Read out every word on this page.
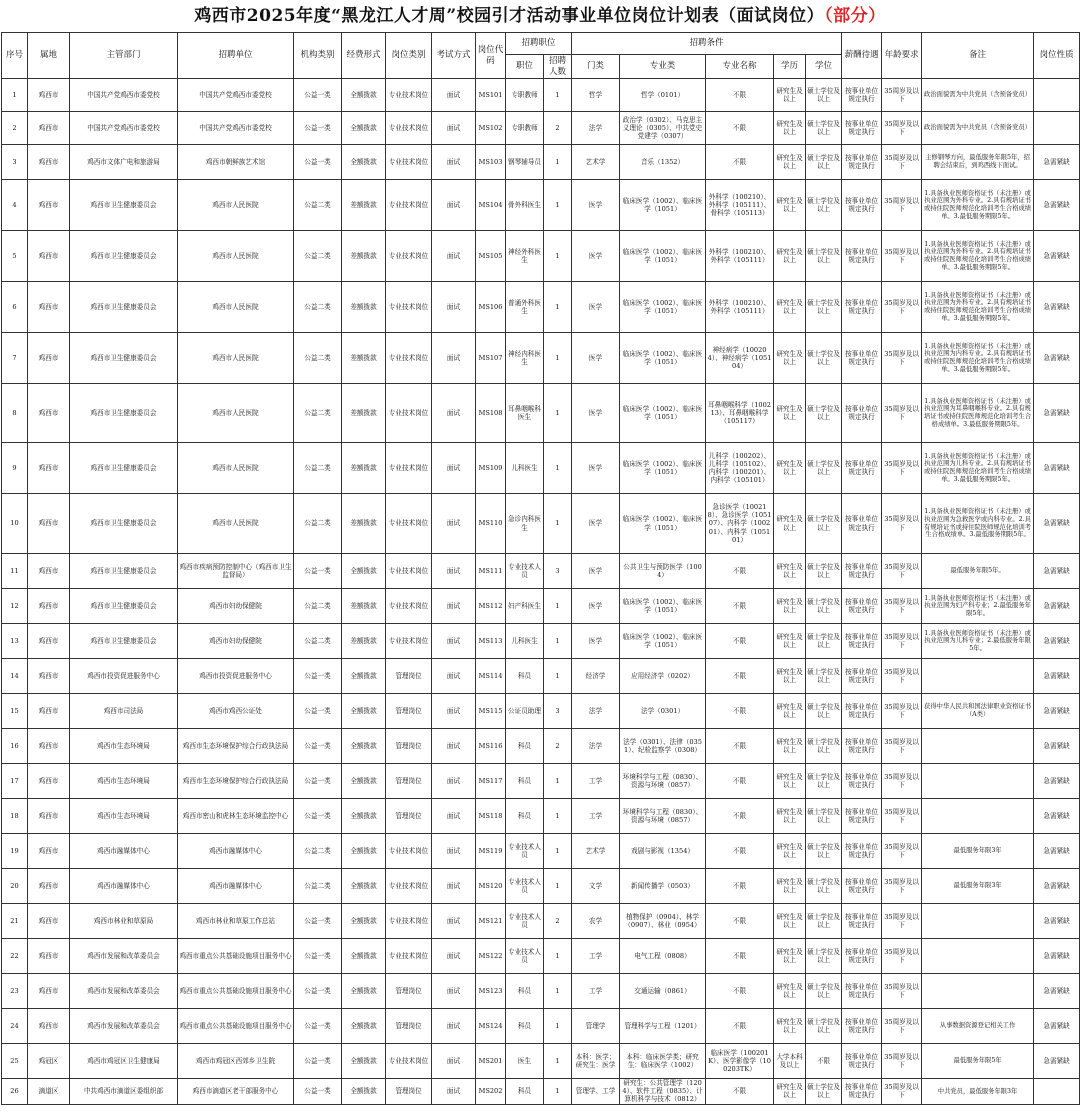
鸡西市2025年度“黑龙江人才周”校园引才活动事业单位岗位计划表（面试岗位）（部分）
序号	属地	主管部门	招聘单位	机构类别	经费形式	岗位类别	考试方式	岗位代码	招聘职位		招聘条件					薪酬待遇	年龄要求	备注	岗位性质
									职位	招聘人数	门类	专业类	专业名称	学历	学位				
1	鸡西市	中国共产党鸡西市委党校	中国共产党鸡西市委党校	公益一类	全额拨款	专业技术岗位	面试	MS101	专职教师	1	哲学	哲学（0101）	不限	研究生及以上	硕士学位及以上	按事业单位规定执行	35周岁及以下	政治面貌需为中共党员（含预备党员）	
2	鸡西市	中国共产党鸡西市委党校	中国共产党鸡西市委党校	公益一类	全额拨款	专业技术岗位	面试	MS102	专职教师	2	法学	政治学（0302）、马克思主义理论（0305）、中共党史党建学（0307）	不限	研究生及以上	硕士学位及以上	按事业单位规定执行	35周岁及以下	政治面貌需为中共党员（含预备党员）	
3	鸡西市	鸡西市文体广电和旅游局	鸡西市朝鲜族艺术馆	公益一类	全额拨款	专业技术岗位	面试	MS103	钢琴辅导员	1	艺术学	音乐（1352）	不限	研究生及以上	硕士学位及以上	按事业单位规定执行	35周岁及以下	主修钢琴方向，最低服务年限5年，招聘会结束后，到鸡西线下面试。	急需紧缺
4	鸡西市	鸡西市卫生健康委员会	鸡西市人民医院	公益二类	差额拨款	专业技术岗位	面试	MS104	骨外科医生	1	医学	临床医学（1002）、临床医学（1051）	外科学（100210）、外科学（105111）、骨科学（105113）	研究生及以上	硕士学位及以上	按事业单位规定执行	35周岁及以下	1.具备执业医师资格证书（未注册）或执业范围为外科专业。2.具有规培证书或持住院医师规范化培训考生合格成绩单。3.最低服务期限5年。	急需紧缺
5	鸡西市	鸡西市卫生健康委员会	鸡西市人民医院	公益二类	差额拨款	专业技术岗位	面试	MS105	神经外科医生	1	医学	临床医学（1002）、临床医学（1051）	外科学（100210）、外科学（105111）	研究生及以上	硕士学位及以上	按事业单位规定执行	35周岁及以下	1.具备执业医师资格证书（未注册）或执业范围为外科专业。2.具有规培证书或持住院医师规范化培训考生合格成绩单。3.最低服务期限5年。	急需紧缺
6	鸡西市	鸡西市卫生健康委员会	鸡西市人民医院	公益二类	差额拨款	专业技术岗位	面试	MS106	普通外科医生	1	医学	临床医学（1002）、临床医学（1051）	外科学（100210）、外科学（105111）	研究生及以上	硕士学位及以上	按事业单位规定执行	35周岁及以下	1.具备执业医师资格证书（未注册）或执业范围为外科专业。2.具有规培证书或持住院医师规范化培训考生合格成绩单。3.最低服务期限5年。	急需紧缺
7	鸡西市	鸡西市卫生健康委员会	鸡西市人民医院	公益二类	差额拨款	专业技术岗位	面试	MS107	神经内科医生	1	医学	临床医学（1002）、临床医学（1051）	神经病学（100204）、神经病学（105104）	研究生及以上	硕士学位及以上	按事业单位规定执行	35周岁及以下	1.具备执业医师资格证书（未注册）或执业范围为内科专业。2.具有规培证书或持住院医师规范化培训考生合格成绩单。3.最低服务期限5年。	急需紧缺
8	鸡西市	鸡西市卫生健康委员会	鸡西市人民医院	公益二类	差额拨款	专业技术岗位	面试	MS108	耳鼻咽喉科医生	1	医学	临床医学（1002）、临床医学（1051）	耳鼻咽喉科学（100213）、耳鼻咽喉科学（105117）	研究生及以上	硕士学位及以上	按事业单位规定执行	35周岁及以下	1.具备执业医师资格证书（未注册）或执业范围为耳鼻咽喉科专业。2.具有规培证书或持住院医师规范化培训考生合格成绩单。3.最低服务期限5年。	急需紧缺
9	鸡西市	鸡西市卫生健康委员会	鸡西市人民医院	公益二类	差额拨款	专业技术岗位	面试	MS109	儿科医生	1	医学	临床医学（1002）、临床医学（1051）	儿科学（100202）、儿科学（105102）、内科学（100201）、内科学（105101）	研究生及以上	硕士学位及以上	按事业单位规定执行	35周岁及以下	1.具备执业医师资格证书（未注册）或执业范围为儿科专业。2.具有规培证书或持住院医师规范化培训考生合格成绩单。3.最低服务期限5年。	急需紧缺
10	鸡西市	鸡西市卫生健康委员会	鸡西市人民医院	公益二类	差额拨款	专业技术岗位	面试	MS110	急诊内科医生	1	医学	临床医学（1002）、临床医学（1051）	急诊医学（100218）、急诊医学（105107）、内科学（100201）、内科学（105101）	研究生及以上	硕士学位及以上	按事业单位规定执行	35周岁及以下	1.具备执业医师资格证书（未注册）或执业范围为急救医学或内科专业。2.具有规培证书或持住院医师规范化培训考生合格成绩单。3.最低服务期限5年。	急需紧缺
11	鸡西市	鸡西市卫生健康委员会	鸡西市疾病预防控制中心（鸡西市卫生监督局）	公益一类	全额拨款	专业技术岗位	面试	MS111	专业技术人员	3	医学	公共卫生与预防医学（1004）	不限	研究生及以上	硕士学位及以上	按事业单位规定执行	35周岁及以下	最低服务年限5年。	急需紧缺
12	鸡西市	鸡西市卫生健康委员会	鸡西市妇幼保健院	公益二类	差额拨款	专业技术岗位	面试	MS112	妇产科医生	1	医学	临床医学（1002）、临床医学（1051）	不限	研究生及以上	硕士学位及以上	按事业单位规定执行	35周岁及以下	1.具备执业医师资格证书（未注册）或执业范围为妇产科专业；2.最低服务年限5年。	急需紧缺
13	鸡西市	鸡西市卫生健康委员会	鸡西市妇幼保健院	公益二类	差额拨款	专业技术岗位	面试	MS113	儿科医生	1	医学	临床医学（1002）、临床医学（1051）	不限	研究生及以上	硕士学位及以上	按事业单位规定执行	35周岁及以下	1.具备执业医师资格证书（未注册）或执业范围为儿科专业；2.最低服务年限5年。	急需紧缺
14	鸡西市	鸡西市投资促进服务中心	鸡西市投资促进服务中心	公益一类	全额拨款	管理岗位	面试	MS114	科员	1	经济学	应用经济学（0202）	不限	研究生及以上	硕士学位及以上	按事业单位规定执行	35周岁及以下		急需紧缺
15	鸡西市	鸡西市司法局	鸡西市鸡西公证处	公益一类	全额拨款	管理岗位	面试	MS115	公证员助理	3	法学	法学（0301）	不限	研究生及以上	硕士学位及以上	按事业单位规定执行	35周岁及以下	获得中华人民共和国法律职业资格证书（A类）	急需紧缺
16	鸡西市	鸡西市生态环境局	鸡西市生态环境保护综合行政执法局	公益一类	全额拨款	管理岗位	面试	MS116	科员	2	法学	法学（0301）、法律（0351）、纪检监察学（0308）	不限	研究生及以上	硕士学位及以上	按事业单位规定执行	35周岁及以下		急需紧缺
17	鸡西市	鸡西市生态环境局	鸡西市生态环境保护综合行政执法局	公益一类	全额拨款	管理岗位	面试	MS117	科员	1	工学	环境科学与工程（0830）、资源与环境（0857）	不限	研究生及以上	硕士学位及以上	按事业单位规定执行	35周岁及以下		急需紧缺
18	鸡西市	鸡西市生态环境局	鸡西市密山和虎林生态环境监控中心	公益一类	全额拨款	管理岗位	面试	MS118	科员	1	工学	环境科学与工程（0830）、资源与环境（0857）	不限	研究生及以上	硕士学位及以上	按事业单位规定执行	35周岁及以下		急需紧缺
19	鸡西市	鸡西市融媒体中心	鸡西市融媒体中心	公益二类	全额拨款	专业技术岗位	面试	MS119	专业技术人员	1	艺术学	戏剧与影视（1354）	不限	研究生及以上	硕士学位及以上	按事业单位规定执行	35周岁及以下	最低服务年限3年	急需紧缺
20	鸡西市	鸡西市融媒体中心	鸡西市融媒体中心	公益二类	全额拨款	专业技术岗位	面试	MS120	专业技术人员	1	文学	新闻传播学（0503）	不限	研究生及以上	硕士学位及以上	按事业单位规定执行	35周岁及以下	最低服务年限3年	急需紧缺
21	鸡西市	鸡西市林业和草原局	鸡西市林业和草原工作总站	公益一类	全额拨款	专业技术岗位	面试	MS121	专业技术人员	2	农学	植物保护（0904）、林学（0907）、林业（0954）	不限	研究生及以上	硕士学位及以上	按事业单位规定执行	35周岁及以下		急需紧缺
22	鸡西市	鸡西市发展和改革委员会	鸡西市重点公共基础设施项目服务中心	公益一类	全额拨款	专业技术岗位	面试	MS122	专业技术人员	1	工学	电气工程（0808）	不限	研究生及以上	硕士学位及以上	按事业单位规定执行	35周岁及以下		急需紧缺
23	鸡西市	鸡西市发展和改革委员会	鸡西市重点公共基础设施项目服务中心	公益一类	全额拨款	管理岗位	面试	MS123	科员	1	工学	交通运输（0861）	不限	研究生及以上	硕士学位及以上	按事业单位规定执行	35周岁及以下		急需紧缺
24	鸡西市	鸡西市发展和改革委员会	鸡西市重点公共基础设施项目服务中心	公益一类	全额拨款	管理岗位	面试	MS124	科员	1	管理学	管理科学与工程（1201）	不限	研究生及以上	硕士学位及以上	按事业单位规定执行	35周岁及以下	从事数据资源登记相关工作	急需紧缺
25	鸡冠区	鸡西市鸡冠区卫生健康局	鸡西市鸡冠区西郊乡卫生院	公益一类	全额拨款	专业技术岗位	面试	MS201	医生	1	本科：医学；研究生：医学	本科：临床医学类；研究生：临床医学（1002）	临床医学（100201K）、医学影像学（100203TK）	大学本科及以上	不限	按事业单位规定执行	35周岁及以下	最低服务年限5年	急需紧缺
26	滴道区	中共鸡西市滴道区委组织部	鸡西市滴道区老干部服务中心	公益一类	全额拨款	管理岗位	面试	MS202	科员	1	管理学、工学	研究生：公共管理学（1204）、软件工程（0835）、计算机科学与技术（0812）	不限	研究生及以上	硕士学位及以上	按事业单位规定执行	35周岁及以下	中共党员，最低服务年限3年	
